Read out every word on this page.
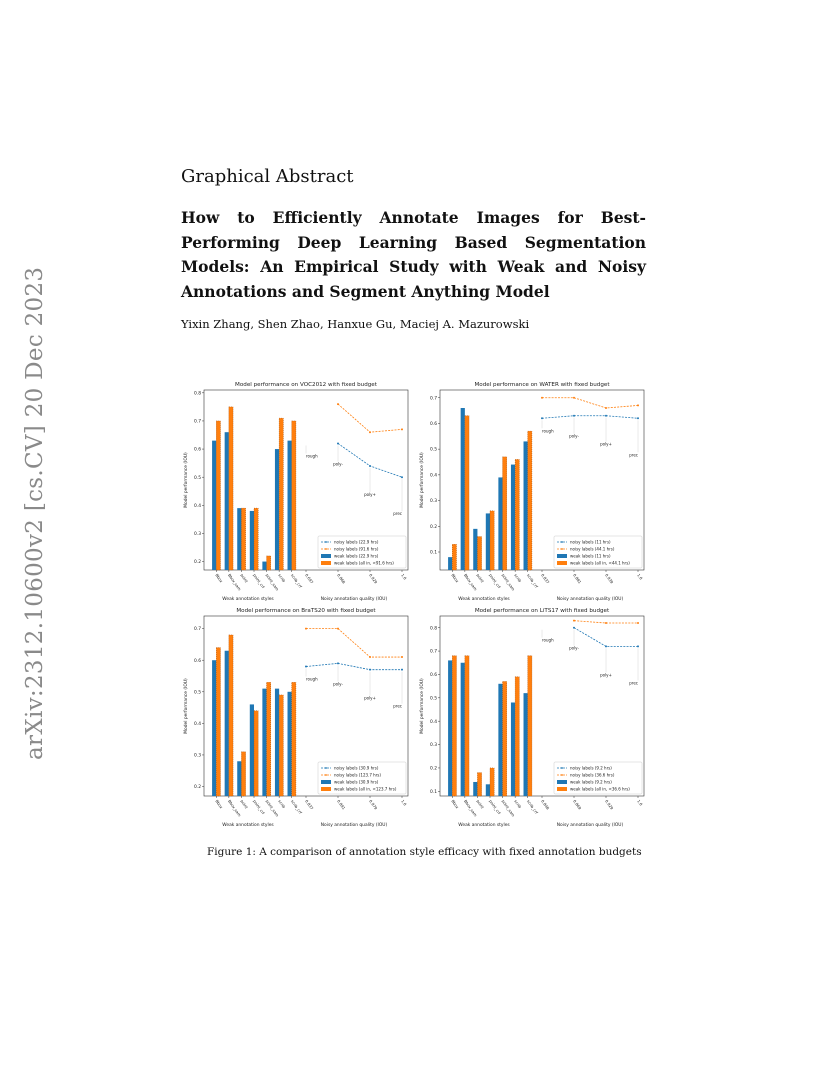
arXiv:2312.10600v2 [cs.CV] 20 Dec 2023
Graphical Abstract
How to Efficiently Annotate Images for Best-Performing Deep Learning Based Segmentation Models: An Empirical Study with Weak and Noisy Annotations and Segment Anything Model
Yixin Zhang, Shen Zhao, Hanxue Gu, Maciej A. Mazurowski
Model performance on VOC2012 with fixed budget
0.2
0.3
0.4
0.5
0.6
0.7
0.8
Model performance (IOU)
Bbox Bbox_sam
point point_crf
point_sam
scrib scrib_crf 0.697	0.868	0.929	1.0
rough
poly-
poly+
prec
noisy labels (22.9 hrs)
noisy labels (91.6 hrs)
weak labels (22.9 hrs)
weak labels (all in, <91.6 hrs)
Weak annotation styles	Noisy annotation quality (IOU)
Model performance on WATER with fixed budget
0.1
0.2
0.3
0.4
0.5
0.6
0.7
Model performance (IOU)
Bbox Bbox_sam
point point_crf
point_sam
scrib scrib_crf 0.837	0.881	0.939	1.0
rough
poly-
poly+
prec
noisy labels (11 hrs)
noisy labels (44.1 hrs)
weak labels (11 hrs)
weak labels (all in, <44.1 hrs)
Weak annotation styles	Noisy annotation quality (IOU)
Model performance on BraTS20 with fixed budget
0.2
0.3
0.4
0.5
0.6
0.7
Model performance (IOU)
Bbox Bbox_sam
point point_crf
point_sam
scrib scrib_crf 0.837	0.891	0.979	1.0
rough
poly-
poly+
prec
noisy labels (30.9 hrs)
noisy labels (123.7 hrs)
weak labels (30.9 hrs)
weak labels (all in, <123.7 hrs)
Weak annotation styles	Noisy annotation quality (IOU)
Model performance on LiTS17 with fixed budget
0.1
0.2
0.3
0.4
0.5
0.6
0.7
0.8
Model performance (IOU)
Bbox Bbox_sam
point point_crf
point_sam
scrib scrib_crf 0.848	0.869	0.929	1.0
rough
poly-
poly+
prec
noisy labels (9.2 hrs)
noisy labels (36.6 hrs)
weak labels (9.2 hrs)
weak labels (all in, <36.6 hrs)
Weak annotation styles	Noisy annotation quality (IOU)
Figure 1: A comparison of annotation style efficacy with fixed annotation budgets
